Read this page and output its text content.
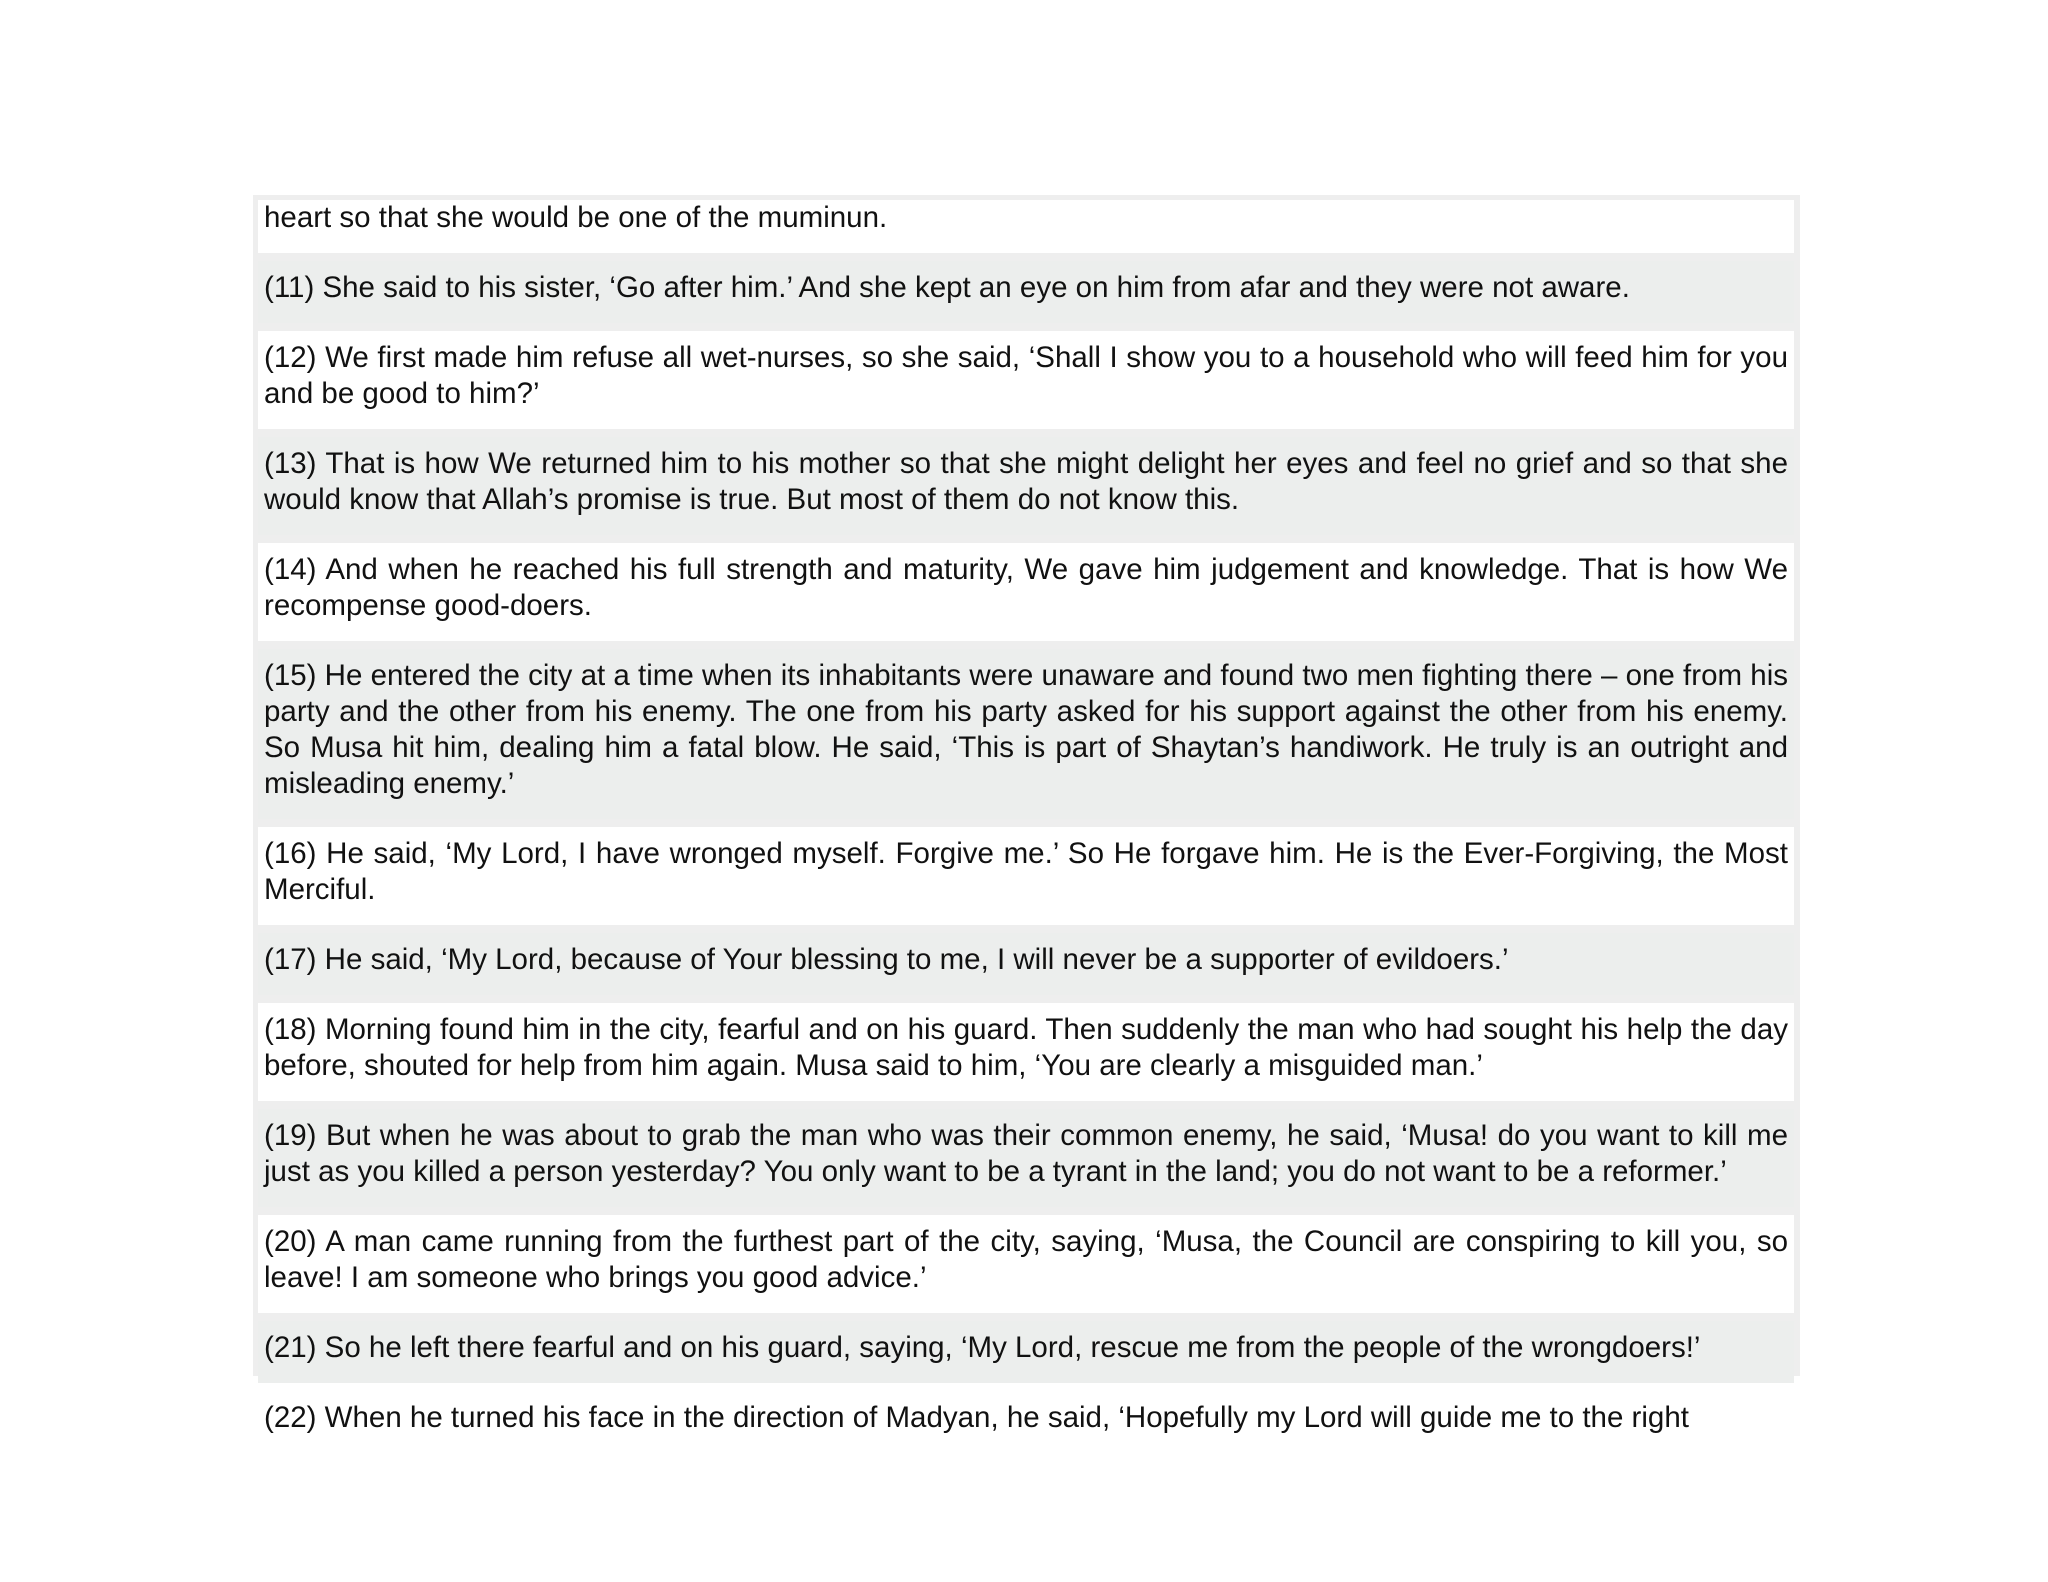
heart so that she would be one of the muminun.
(11) She said to his sister, ‘Go after him.’ And she kept an eye on him from afar and they were not aware.
(12) We first made him refuse all wet-nurses, so she said, ‘Shall I show you to a household who will feed him for you and be good to him?’
(13) That is how We returned him to his mother so that she might delight her eyes and feel no grief and so that she would know that Allah’s promise is true. But most of them do not know this.
(14) And when he reached his full strength and maturity, We gave him judgement and knowledge. That is how We recompense good-doers.
(15) He entered the city at a time when its inhabitants were unaware and found two men fighting there – one from his party and the other from his enemy. The one from his party asked for his support against the other from his enemy. So Musa hit him, dealing him a fatal blow. He said, ‘This is part of Shaytan’s handiwork. He truly is an outright and misleading enemy.’
(16) He said, ‘My Lord, I have wronged myself. Forgive me.’ So He forgave him. He is the Ever-Forgiving, the Most Merciful.
(17) He said, ‘My Lord, because of Your blessing to me, I will never be a supporter of evildoers.’
(18) Morning found him in the city, fearful and on his guard. Then suddenly the man who had sought his help the day before, shouted for help from him again. Musa said to him, ‘You are clearly a misguided man.’
(19) But when he was about to grab the man who was their common enemy, he said, ‘Musa! do you want to kill me just as you killed a person yesterday? You only want to be a tyrant in the land; you do not want to be a reformer.’
(20) A man came running from the furthest part of the city, saying, ‘Musa, the Council are conspiring to kill you, so leave! I am someone who brings you good advice.’
(21) So he left there fearful and on his guard, saying, ‘My Lord, rescue me from the people of the wrongdoers!’
(22) When he turned his face in the direction of Madyan, he said, ‘Hopefully my Lord will guide me to the right
